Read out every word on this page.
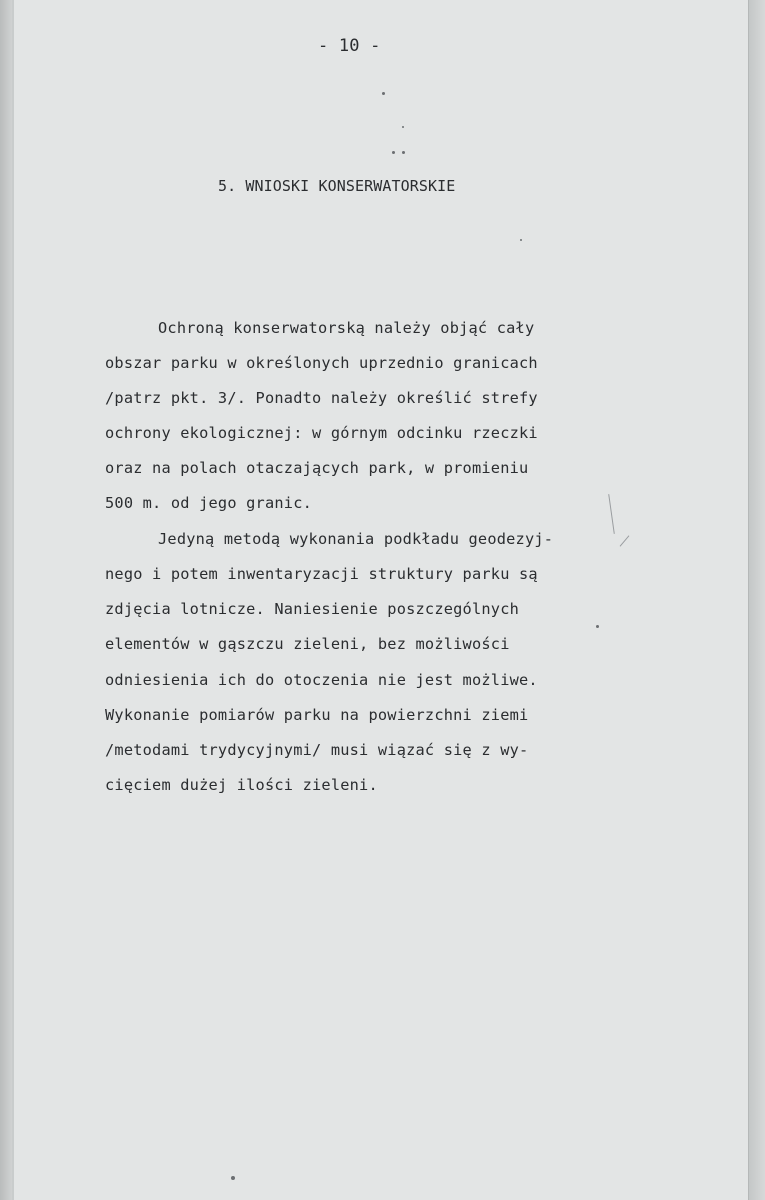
- 10 -
5. WNIOSKI KONSERWATORSKIE
Ochroną konserwatorską należy objąć cały
obszar parku w określonych uprzednio granicach
/patrz pkt. 3/. Ponadto należy określić strefy
ochrony ekologicznej: w górnym odcinku rzeczki
oraz na polach otaczających park, w promieniu
500 m. od jego granic.
Jedyną metodą wykonania podkładu geodezyj-
nego i potem inwentaryzacji struktury parku są
zdjęcia lotnicze. Naniesienie poszczególnych
elementów w gąszczu zieleni, bez możliwości
odniesienia ich do otoczenia nie jest możliwe.
Wykonanie pomiarów parku na powierzchni ziemi
/metodami trydycyjnymi/ musi wiązać się z wy-
cięciem dużej ilości zieleni.
